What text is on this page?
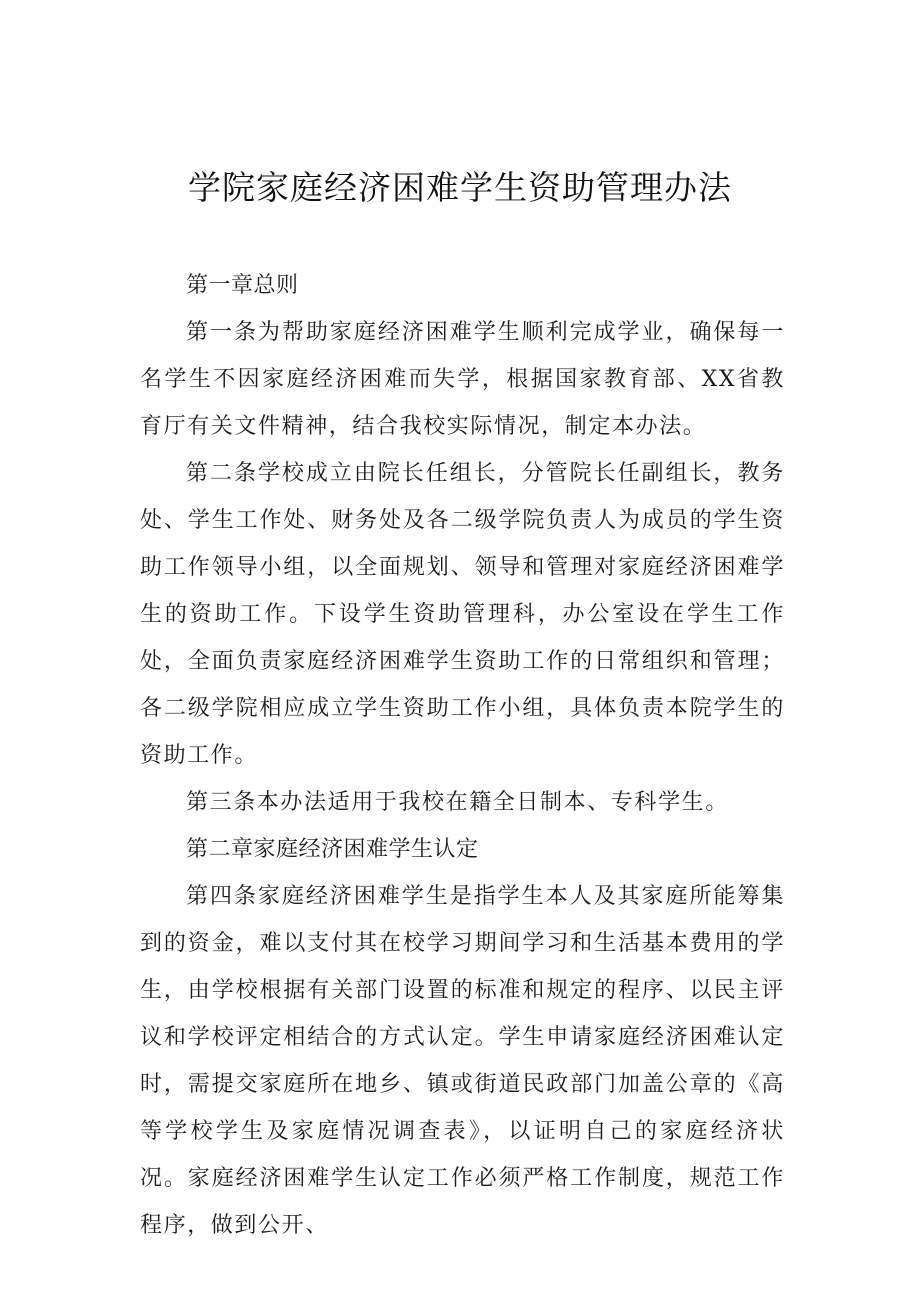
学院家庭经济困难学生资助管理办法

第一章总则

第一条为帮助家庭经济困难学生顺利完成学业，确保每一名学生不因家庭经济困难而失学，根据国家教育部、XX省教育厅有关文件精神，结合我校实际情况，制定本办法。

第二条学校成立由院长任组长，分管院长任副组长，教务处、学生工作处、财务处及各二级学院负责人为成员的学生资助工作领导小组，以全面规划、领导和管理对家庭经济困难学生的资助工作。下设学生资助管理科，办公室设在学生工作处，全面负责家庭经济困难学生资助工作的日常组织和管理；各二级学院相应成立学生资助工作小组，具体负责本院学生的资助工作。

第三条本办法适用于我校在籍全日制本、专科学生。

第二章家庭经济困难学生认定

第四条家庭经济困难学生是指学生本人及其家庭所能筹集到的资金，难以支付其在校学习期间学习和生活基本费用的学生，由学校根据有关部门设置的标准和规定的程序、以民主评议和学校评定相结合的方式认定。学生申请家庭经济困难认定时，需提交家庭所在地乡、镇或街道民政部门加盖公章的《高等学校学生及家庭情况调查表》，以证明自己的家庭经济状况。家庭经济困难学生认定工作必须严格工作制度，规范工作程序，做到公开、
